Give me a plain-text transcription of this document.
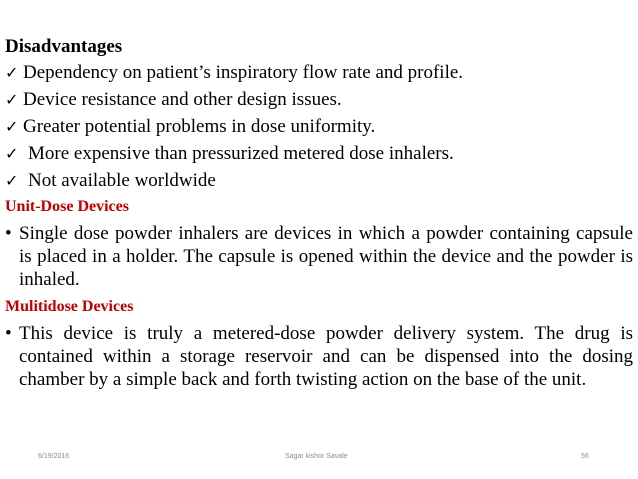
Disadvantages
✓ Dependency on patient’s inspiratory flow rate and profile.
✓ Device resistance and other design issues.
✓ Greater potential problems in dose uniformity.
✓ More expensive than pressurized metered dose inhalers.
✓ Not available worldwide
Unit-Dose Devices
• Single dose powder inhalers are devices in which a powder containing capsule is placed in a holder. The capsule is opened within the device and the powder is inhaled.
Mulitidose Devices
• This device is truly a metered-dose powder delivery system. The drug is contained within a storage reservoir and can be dispensed into the dosing chamber by a simple back and forth twisting action on the base of the unit.
6/19/2016	Sagar kishor Savale	56
